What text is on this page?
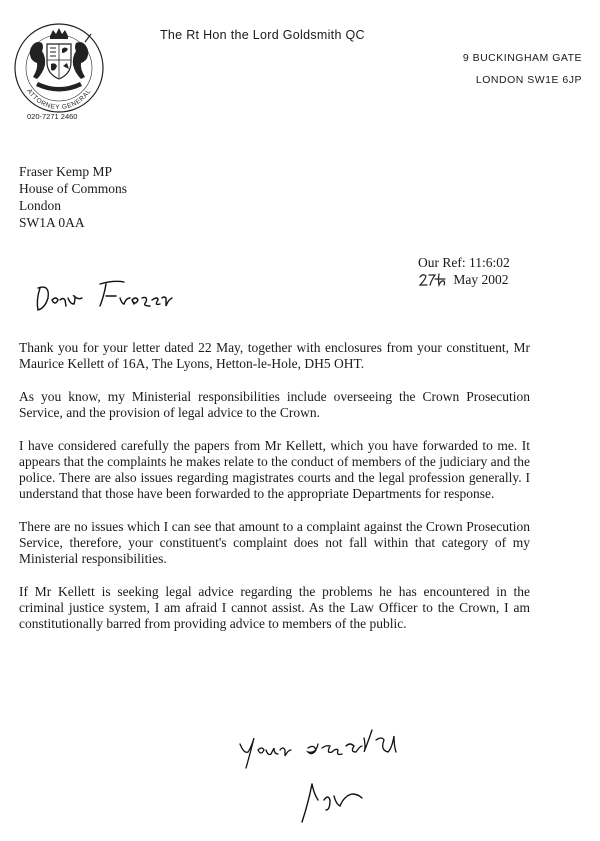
ATTORNEY GENERAL
The Rt Hon the Lord Goldsmith QC
9 BUCKINGHAM GATE
LONDON SW1E 6JP
020-7271 2460
Fraser Kemp MP
House of Commons
London
SW1A 0AA
Our Ref: 11:6:02
May 2002

Thank you for your letter dated 22 May, together with enclosures from your constituent, Mr Maurice Kellett of 16A, The Lyons, Hetton-le-Hole, DH5 OHT.

As you know, my Ministerial responsibilities include overseeing the Crown Prosecution Service, and the provision of legal advice to the Crown.

I have considered carefully the papers from Mr Kellett, which you have forwarded to me. It appears that the complaints he makes relate to the conduct of members of the judiciary and the police. There are also issues regarding magistrates courts and the legal profession generally. I understand that those have been forwarded to the appropriate Departments for response.

There are no issues which I can see that amount to a complaint against the Crown Prosecution Service, therefore, your constituent's complaint does not fall within that category of my Ministerial responsibilities.

If Mr Kellett is seeking legal advice regarding the problems he has encountered in the criminal justice system, I am afraid I cannot assist. As the Law Officer to the Crown, I am constitutionally barred from providing advice to members of the public.

Peter
